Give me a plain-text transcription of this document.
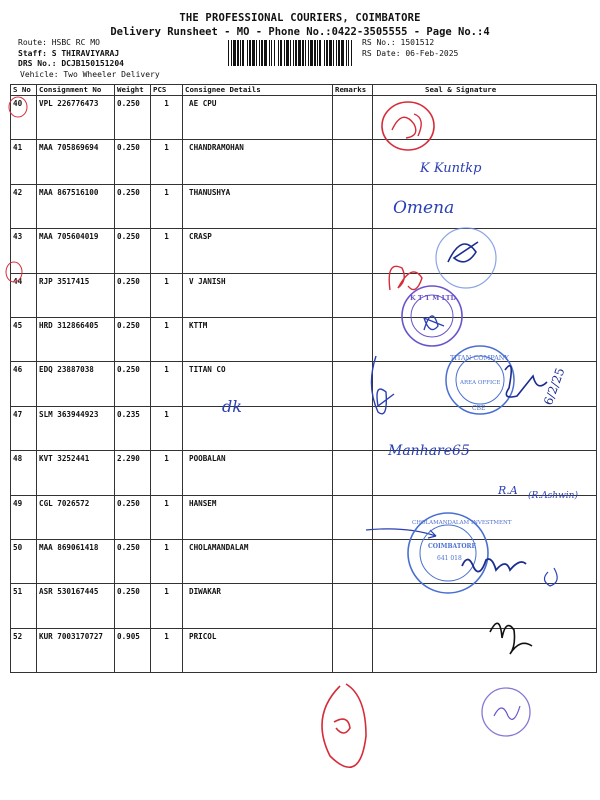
THE PROFESSIONAL COURIERS, COIMBATORE
Delivery Runsheet - MO - Phone No.:0422-3505555 - Page No.:4
Route: HSBC RC MO
Staff: S THIRAVIYARAJ
DRS No.: DCJB150151204
Vehicle: Two Wheeler Delivery
RS No.: 1501512
RS Date: 06-Feb-2025
S No	Consignment No	Weight	PCS	Consignee Details	Remarks	Seal & Signature
40	VPL 226776473	0.250	1	AE CPU		
41	MAA 705869694	0.250	1	CHANDRAMOHAN		
42	MAA 867516100	0.250	1	THANUSHYA		
43	MAA 705604019	0.250	1	CRASP		
44	RJP 3517415	0.250	1	V JANISH		
45	HRD 312866405	0.250	1	KTTM		
46	EDQ 23887038	0.250	1	TITAN CO		
47	SLM 363944923	0.235	1			
48	KVT 3252441	2.290	1	POOBALAN		
49	CGL 7026572	0.250	1	HANSEM		
50	MAA 869061418	0.250	1	CHOLAMANDALAM		
51	ASR 530167445	0.250	1	DIWAKAR		
52	KUR 7003170727	0.905	1	PRICOL		
K Kuntkp
Omena
K T T M LTD
TITAN COMPANY
AREA OFFICE
CBE
6/2/25
dk
Manhare65
R.A (R.Ashwin)
CHOLAMANDALAM INVESTMENT
COIMBATORE
641 018
